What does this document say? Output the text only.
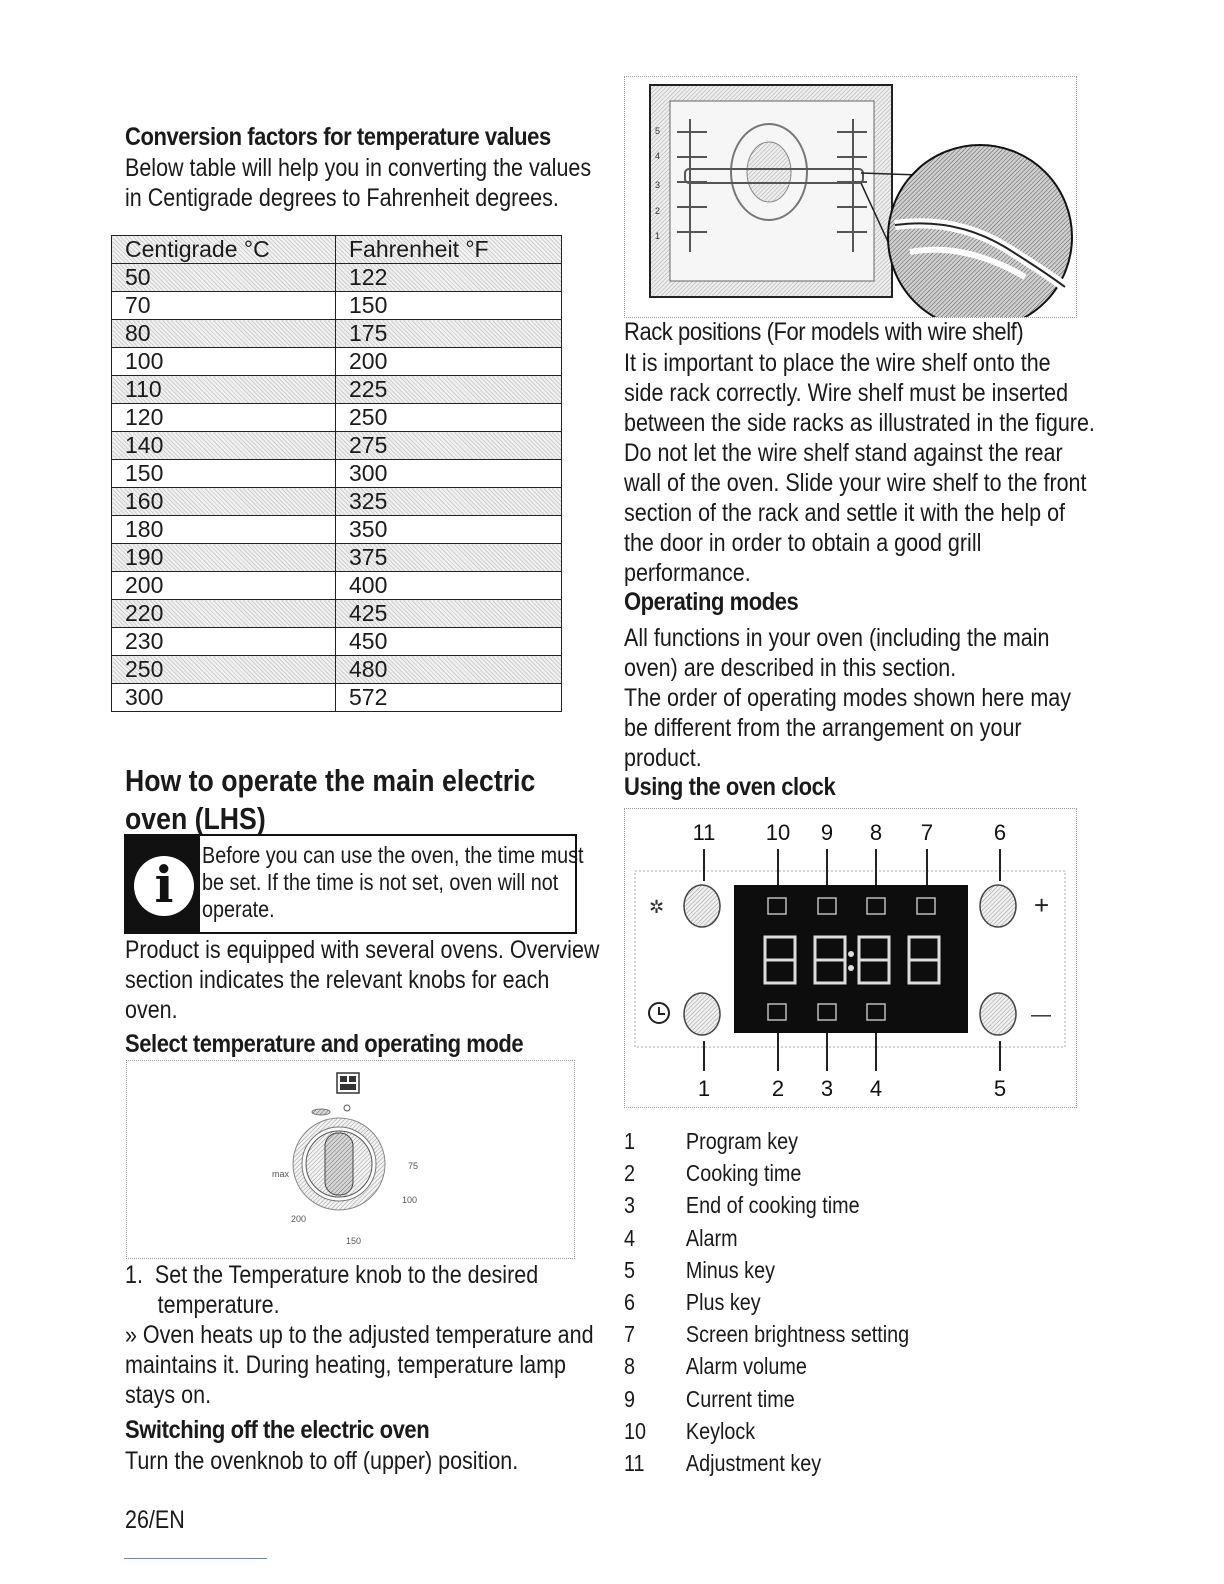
Conversion factors for temperature values

Below table will help you in converting the values

in Centigrade degrees to Fahrenheit degrees.

Centigrade °C	Fahrenheit °F
50	122
70	150
80	175
100	200
110	225
120	250
140	275
150	300
160	325
180	350
190	375
200	400
220	425
230	450
250	480
300	572
How to operate the main electric
oven (LHS)
i	Before you can use the oven, the time must
be set. If the time is not set, oven will not
operate.

Product is equipped with several ovens. Overview

section indicates the relevant knobs for each

oven.

Select temperature and operating mode
max
75
100
150
200

1. Set the Temperature knob to the desired

temperature.

» Oven heats up to the adjusted temperature and

maintains it. During heating, temperature lamp

stays on.

Switching off the electric oven

Turn the ovenknob to off (upper) position.

26/EN

5
4
3
2
1
Rack positions (For models with wire shelf)

It is important to place the wire shelf onto the

side rack correctly. Wire shelf must be inserted

between the side racks as illustrated in the figure.

Do not let the wire shelf stand against the rear

wall of the oven. Slide your wire shelf to the front

section of the rack and settle it with the help of

the door in order to obtain a good grill

performance.

Operating modes

All functions in your oven (including the main

oven) are described in this section.

The order of operating modes shown here may

be different from the arrangement on your

product.

Using the oven clock
✲	+
—
11 10 9 8 7	6
1	2 3 4	5
1 Program key
2 Cooking time
3 End of cooking time
4 Alarm
5 Minus key
6 Plus key
7 Screen brightness setting
8 Alarm volume
9 Current time
10 Keylock
11 Adjustment key
